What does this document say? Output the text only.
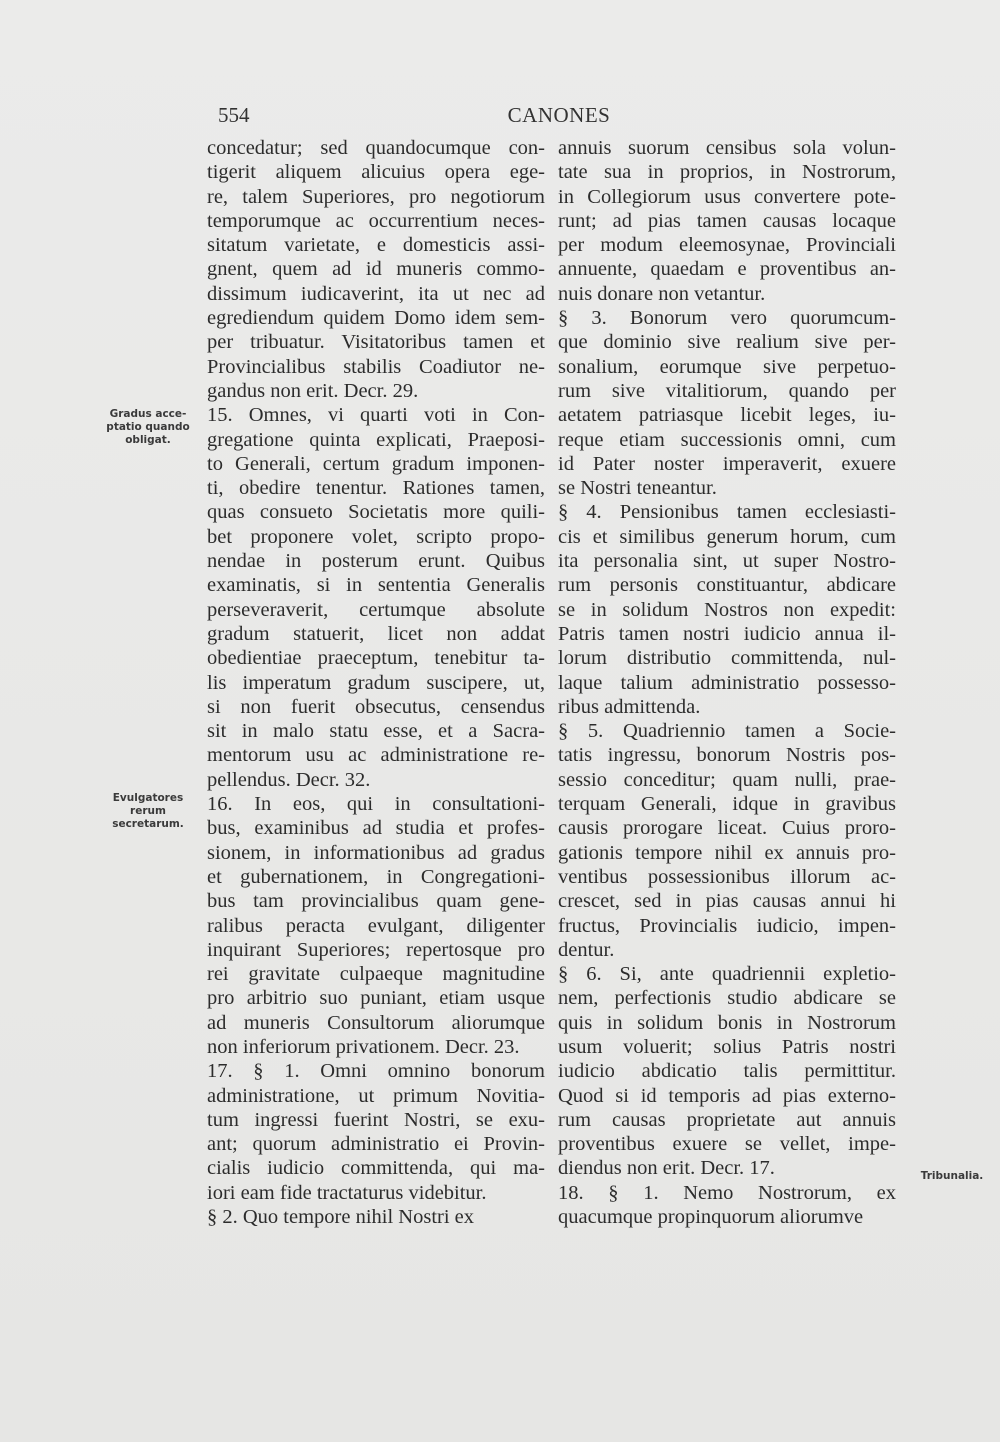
554	CANONES
Gradus acce-
ptatio quando
obligat.
Evulgatores
rerum
secretarum.
Tribunalia.
concedatur; sed quandocumque con-
tigerit aliquem alicuius opera ege-
re, talem Superiores, pro negotiorum
temporumque ac occurrentium neces-
sitatum varietate, e domesticis assi-
gnent, quem ad id muneris commo-
dissimum iudicaverint, ita ut nec ad
egrediendum quidem Domo idem sem-
per tribuatur. Visitatoribus tamen et
Provincialibus stabilis Coadiutor ne-
gandus non erit. Decr. 29.
15. Omnes, vi quarti voti in Con-
gregatione quinta explicati, Praeposi-
to Generali, certum gradum imponen-
ti, obedire tenentur. Rationes tamen,
quas consueto Societatis more quili-
bet proponere volet, scripto propo-
nendae in posterum erunt. Quibus
examinatis, si in sententia Generalis
perseveraverit, certumque absolute
gradum statuerit, licet non addat
obedientiae praeceptum, tenebitur ta-
lis imperatum gradum suscipere, ut,
si non fuerit obsecutus, censendus
sit in malo statu esse, et a Sacra-
mentorum usu ac administratione re-
pellendus. Decr. 32.
16. In eos, qui in consultationi-
bus, examinibus ad studia et profes-
sionem, in informationibus ad gradus
et gubernationem, in Congregationi-
bus tam provincialibus quam gene-
ralibus peracta evulgant, diligenter
inquirant Superiores; repertosque pro
rei gravitate culpaeque magnitudine
pro arbitrio suo puniant, etiam usque
ad muneris Consultorum aliorumque
non inferiorum privationem. Decr. 23.
17. § 1. Omni omnino bonorum
administratione, ut primum Novitia-
tum ingressi fuerint Nostri, se exu-
ant; quorum administratio ei Provin-
cialis iudicio committenda, qui ma-
iori eam fide tractaturus videbitur.
§ 2. Quo tempore nihil Nostri ex
annuis suorum censibus sola volun-
tate sua in proprios, in Nostrorum,
in Collegiorum usus convertere pote-
runt; ad pias tamen causas locaque
per modum eleemosynae, Provinciali
annuente, quaedam e proventibus an-
nuis donare non vetantur.
§ 3. Bonorum vero quorumcum-
que dominio sive realium sive per-
sonalium, eorumque sive perpetuo-
rum sive vitalitiorum, quando per
aetatem patriasque licebit leges, iu-
reque etiam successionis omni, cum
id Pater noster imperaverit, exuere
se Nostri teneantur.
§ 4. Pensionibus tamen ecclesiasti-
cis et similibus generum horum, cum
ita personalia sint, ut super Nostro-
rum personis constituantur, abdicare
se in solidum Nostros non expedit:
Patris tamen nostri iudicio annua il-
lorum distributio committenda, nul-
laque talium administratio possesso-
ribus admittenda.
§ 5. Quadriennio tamen a Socie-
tatis ingressu, bonorum Nostris pos-
sessio conceditur; quam nulli, prae-
terquam Generali, idque in gravibus
causis prorogare liceat. Cuius proro-
gationis tempore nihil ex annuis pro-
ventibus possessionibus illorum ac-
crescet, sed in pias causas annui hi
fructus, Provincialis iudicio, impen-
dentur.
§ 6. Si, ante quadriennii expletio-
nem, perfectionis studio abdicare se
quis in solidum bonis in Nostrorum
usum voluerit; solius Patris nostri
iudicio abdicatio talis permittitur.
Quod si id temporis ad pias externo-
rum causas proprietate aut annuis
proventibus exuere se vellet, impe-
diendus non erit. Decr. 17.
18. § 1. Nemo Nostrorum, ex
quacumque propinquorum aliorumve
